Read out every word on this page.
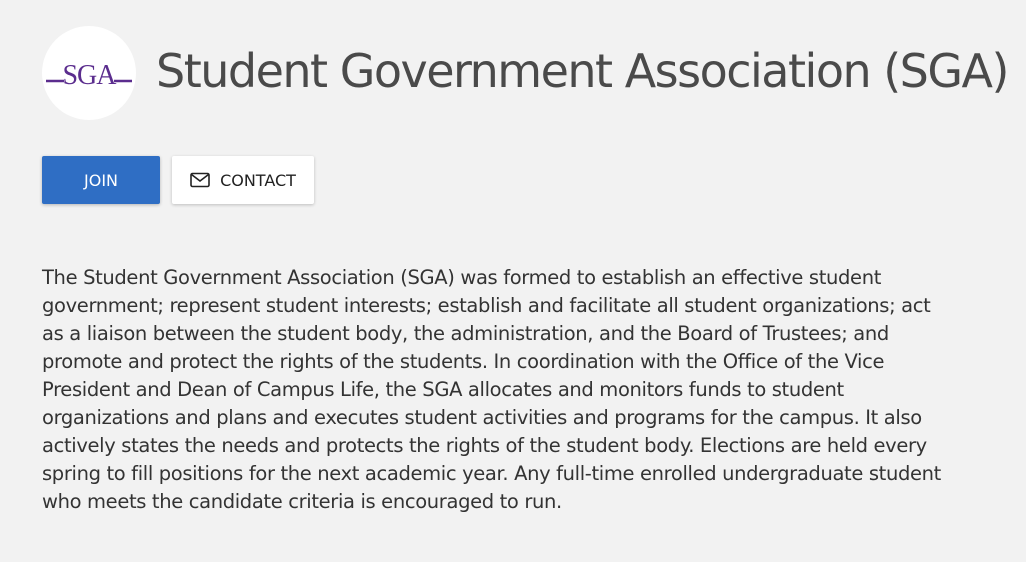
SGA Student Government Association (SGA)
JOIN	CONTACT

The Student Government Association (SGA) was formed to establish an effective student government; represent student interests; establish and facilitate all student organizations; act as a liaison between the student body, the administration, and the Board of Trustees; and promote and protect the rights of the students. In coordination with the Office of the Vice President and Dean of Campus Life, the SGA allocates and monitors funds to student organizations and plans and executes student activities and programs for the campus. It also actively states the needs and protects the rights of the student body. Elections are held every spring to fill positions for the next academic year. Any full-time enrolled undergraduate student who meets the candidate criteria is encouraged to run.
